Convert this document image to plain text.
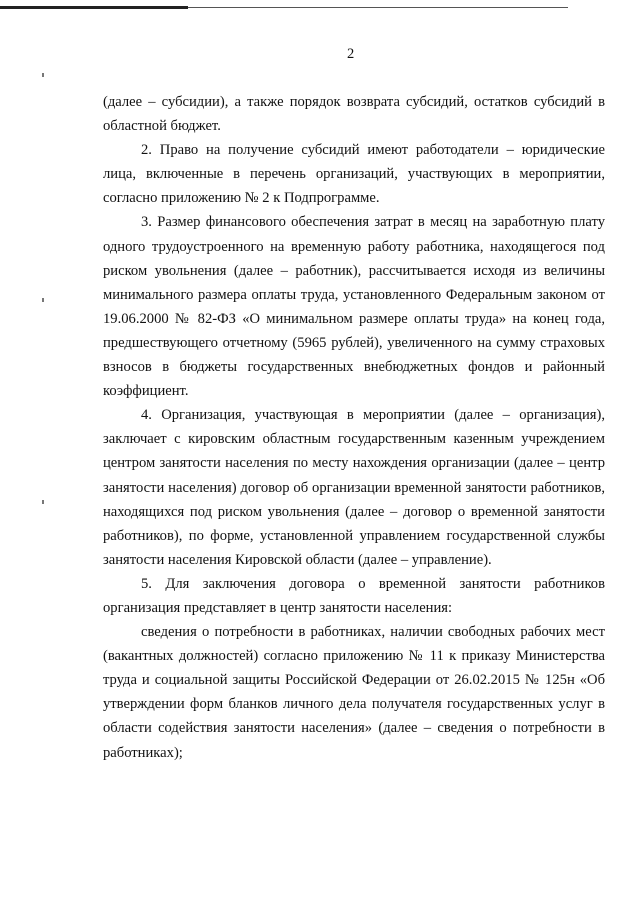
2

(далее – субсидии), а также порядок возврата субсидий, остатков субсидий в областной бюджет.

2. Право на получение субсидий имеют работодатели – юридические лица, включенные в перечень организаций, участвующих в мероприятии, согласно приложению № 2 к Подпрограмме.

3. Размер финансового обеспечения затрат в месяц на заработную плату одного трудоустроенного на временную работу работника, находящегося под риском увольнения (далее – работник), рассчитывается исходя из величины минимального размера оплаты труда, установленного Федеральным законом от 19.06.2000 № 82-ФЗ «О минимальном размере оплаты труда» на конец года, предшествующего отчетному (5965 рублей), увеличенного на сумму страховых взносов в бюджеты государственных внебюджетных фондов и районный коэффициент.

4. Организация, участвующая в мероприятии (далее – организация), заключает с кировским областным государственным казенным учреждением центром занятости населения по месту нахождения организации (далее – центр занятости населения) договор об организации временной занятости работников, находящихся под риском увольнения (далее – договор о временной занятости работников), по форме, установленной управлением государственной службы занятости населения Кировской области (далее – управление).

5. Для заключения договора о временной занятости работников организация представляет в центр занятости населения:

сведения о потребности в работниках, наличии свободных рабочих мест (вакантных должностей) согласно приложению № 11 к приказу Министерства труда и социальной защиты Российской Федерации от 26.02.2015 № 125н «Об утверждении форм бланков личного дела получателя государственных услуг в области содействия занятости населения» (далее – сведения о потребности в работниках);
